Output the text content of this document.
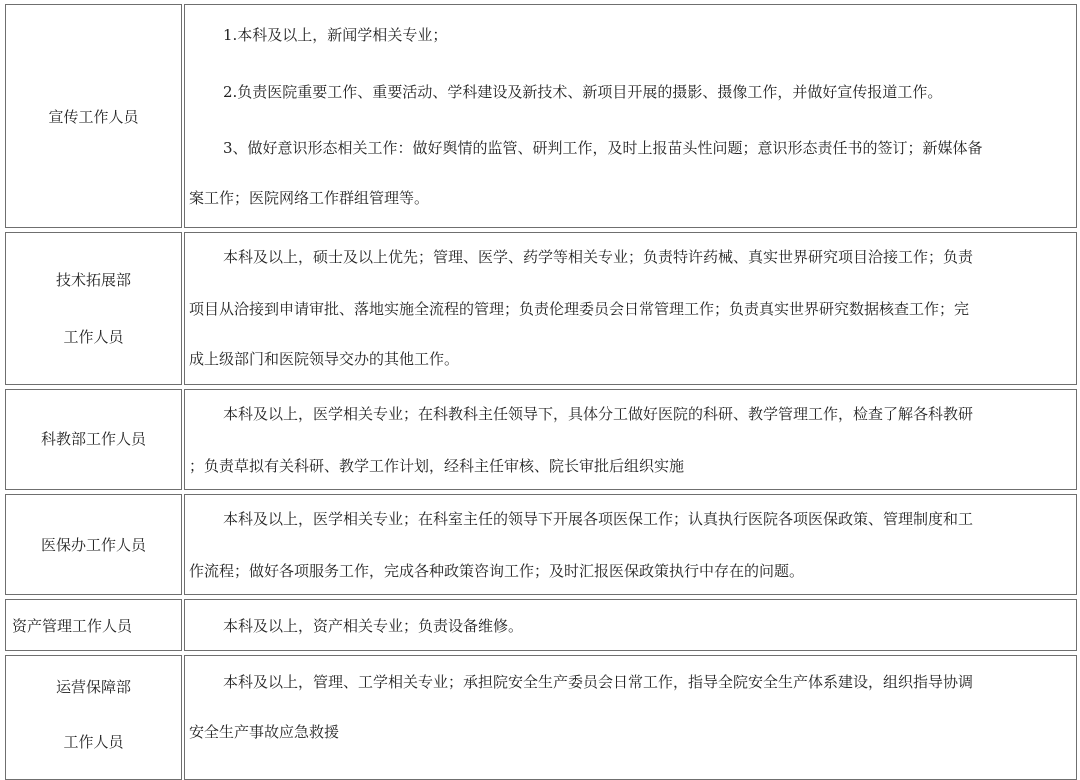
宣传工作人员
1.本科及以上，新闻学相关专业；
2.负责医院重要工作、重要活动、学科建设及新技术、新项目开展的摄影、摄像工作，并做好宣传报道工作。
3、做好意识形态相关工作：做好舆情的监管、研判工作，及时上报苗头性问题；意识形态责任书的签订；新媒体备
案工作；医院网络工作群组管理等。
技术拓展部
工作人员
本科及以上，硕士及以上优先；管理、医学、药学等相关专业；负责特许药械、真实世界研究项目洽接工作；负责
项目从洽接到申请审批、落地实施全流程的管理；负责伦理委员会日常管理工作；负责真实世界研究数据核查工作；完
成上级部门和医院领导交办的其他工作。
科教部工作人员
本科及以上，医学相关专业；在科教科主任领导下，具体分工做好医院的科研、教学管理工作，检查了解各科教研
；负责草拟有关科研、教学工作计划，经科主任审核、院长审批后组织实施
医保办工作人员
本科及以上，医学相关专业；在科室主任的领导下开展各项医保工作；认真执行医院各项医保政策、管理制度和工
作流程；做好各项服务工作，完成各种政策咨询工作；及时汇报医保政策执行中存在的问题。
资产管理工作人员	本科及以上，资产相关专业；负责设备维修。
运营保障部
工作人员
本科及以上，管理、工学相关专业；承担院安全生产委员会日常工作，指导全院安全生产体系建设，组织指导协调
安全生产事故应急救援
